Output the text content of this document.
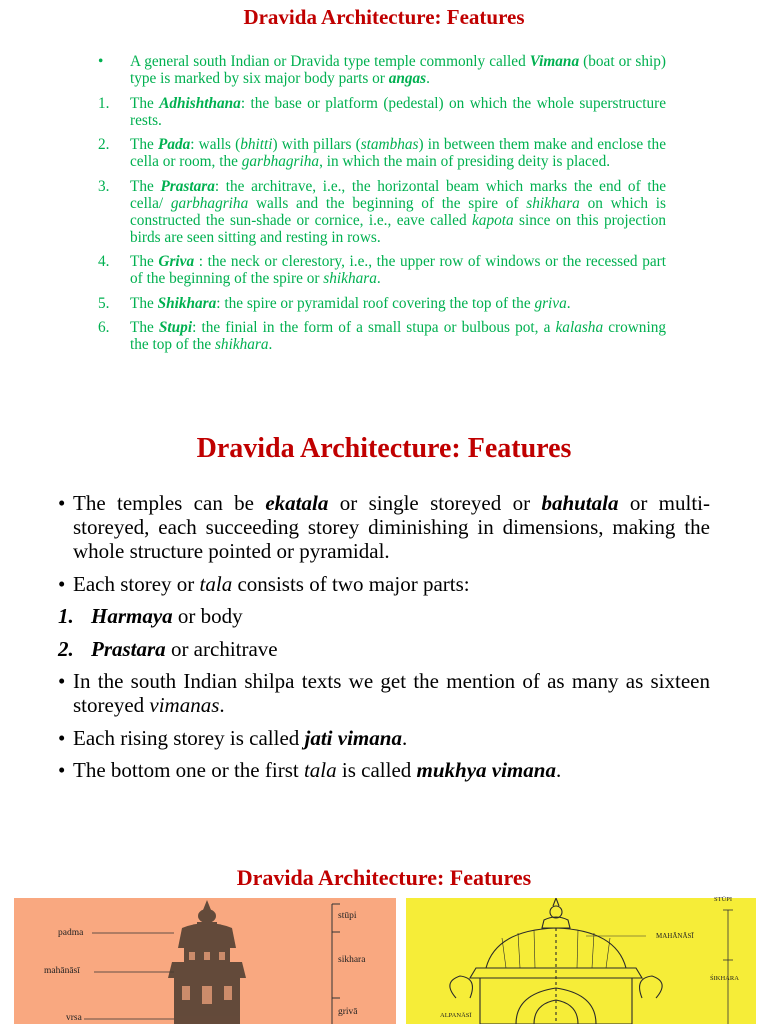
Dravida Architecture: Features
• A general south Indian or Dravida type temple commonly called Vimana (boat or ship) type is marked by six major body parts or angas.
1. The Adhishthana: the base or platform (pedestal) on which the whole superstructure rests.
2. The Pada: walls (bhitti) with pillars (stambhas) in between them make and enclose the cella or room, the garbhagriha, in which the main of presiding deity is placed.
3. The Prastara: the architrave, i.e., the horizontal beam which marks the end of the cella/ garbhagriha walls and the beginning of the spire of shikhara on which is constructed the sun-shade or cornice, i.e., eave called kapota since on this projection birds are seen sitting and resting in rows.
4. The Griva : the neck or clerestory, i.e., the upper row of windows or the recessed part of the beginning of the spire or shikhara.
5. The Shikhara: the spire or pyramidal roof covering the top of the griva.
6. The Stupi: the finial in the form of a small stupa or bulbous pot, a kalasha crowning the top of the shikhara.
Dravida Architecture: Features
• The temples can be ekatala or single storeyed or bahutala or multi-storeyed, each succeeding storey diminishing in dimensions, making the whole structure pointed or pyramidal.
• Each storey or tala consists of two major parts:
1. Harmaya or body
2. Prastara or architrave
• In the south Indian shilpa texts we get the mention of as many as sixteen storeyed vimanas.
• Each rising storey is called jati vimana.
• The bottom one or the first tala is called mukhya vimana.
Dravida Architecture: Features
padma
mahānāsī
vrsa
stūpi
sikhara
grivā
STŪPI
MAHĀNĀSĪ
ŚIKHARA
ALPANĀSĪ
